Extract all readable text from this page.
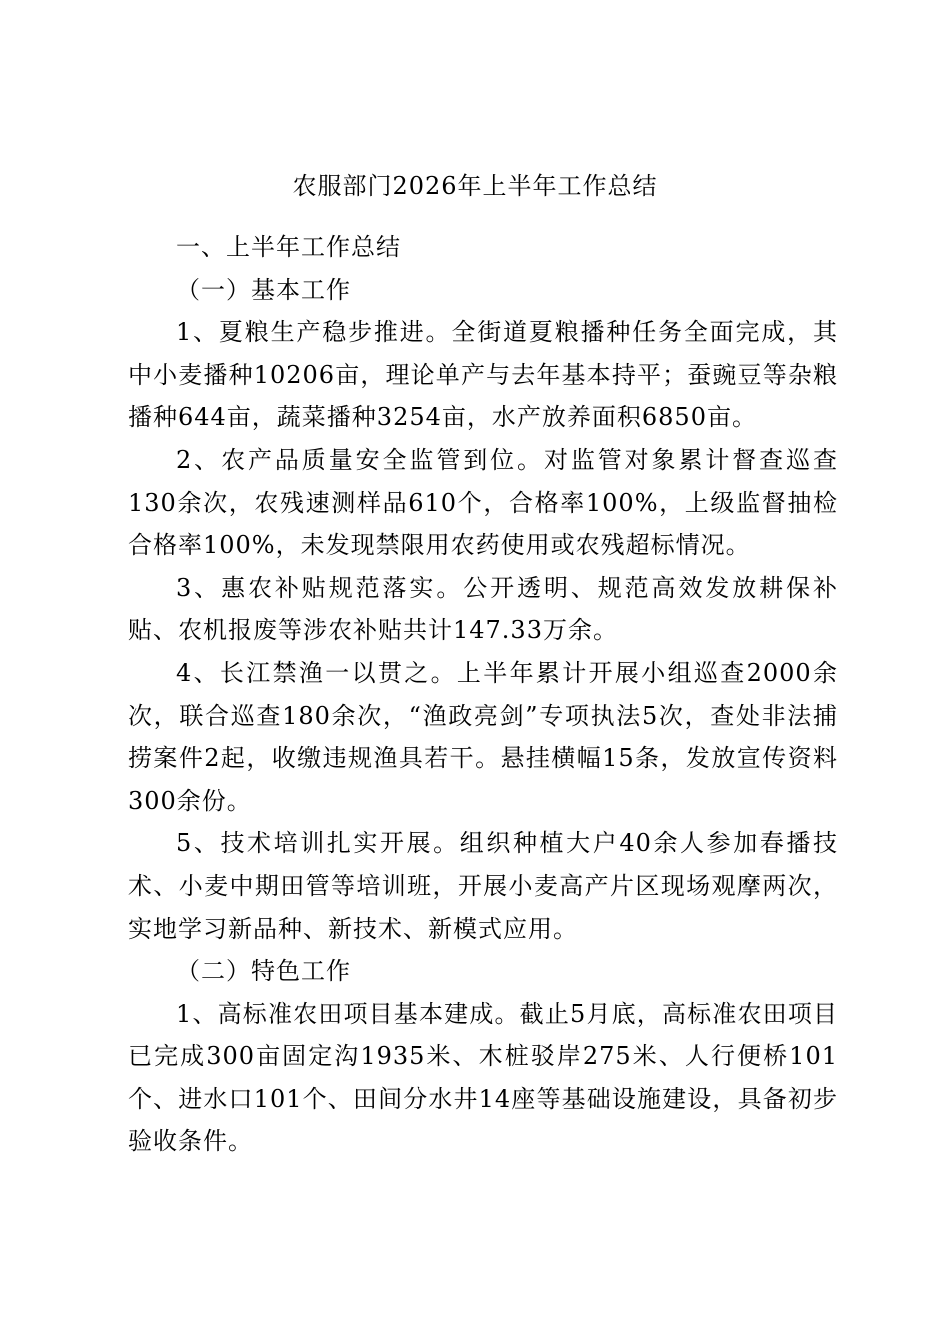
农服部门2026年上半年工作总结

一、上半年工作总结

（一）基本工作

1、夏粮生产稳步推进。全街道夏粮播种任务全面完成，其中小麦播种10206亩，理论单产与去年基本持平；蚕豌豆等杂粮播种644亩，蔬菜播种3254亩，水产放养面积6850亩。

2、农产品质量安全监管到位。对监管对象累计督查巡查130余次，农残速测样品610个，合格率100%，上级监督抽检合格率100%，未发现禁限用农药使用或农残超标情况。

3、惠农补贴规范落实。公开透明、规范高效发放耕保补贴、农机报废等涉农补贴共计147.33万余。

4、长江禁渔一以贯之。上半年累计开展小组巡查2000余次，联合巡查180余次，“渔政亮剑”专项执法5次，查处非法捕捞案件2起，收缴违规渔具若干。悬挂横幅15条，发放宣传资料300余份。

5、技术培训扎实开展。组织种植大户40余人参加春播技术、小麦中期田管等培训班，开展小麦高产片区现场观摩两次，实地学习新品种、新技术、新模式应用。

（二）特色工作

1、高标准农田项目基本建成。截止5月底，高标准农田项目已完成300亩固定沟1935米、木桩驳岸275米、人行便桥101个、进水口101个、田间分水井14座等基础设施建设，具备初步验收条件。
